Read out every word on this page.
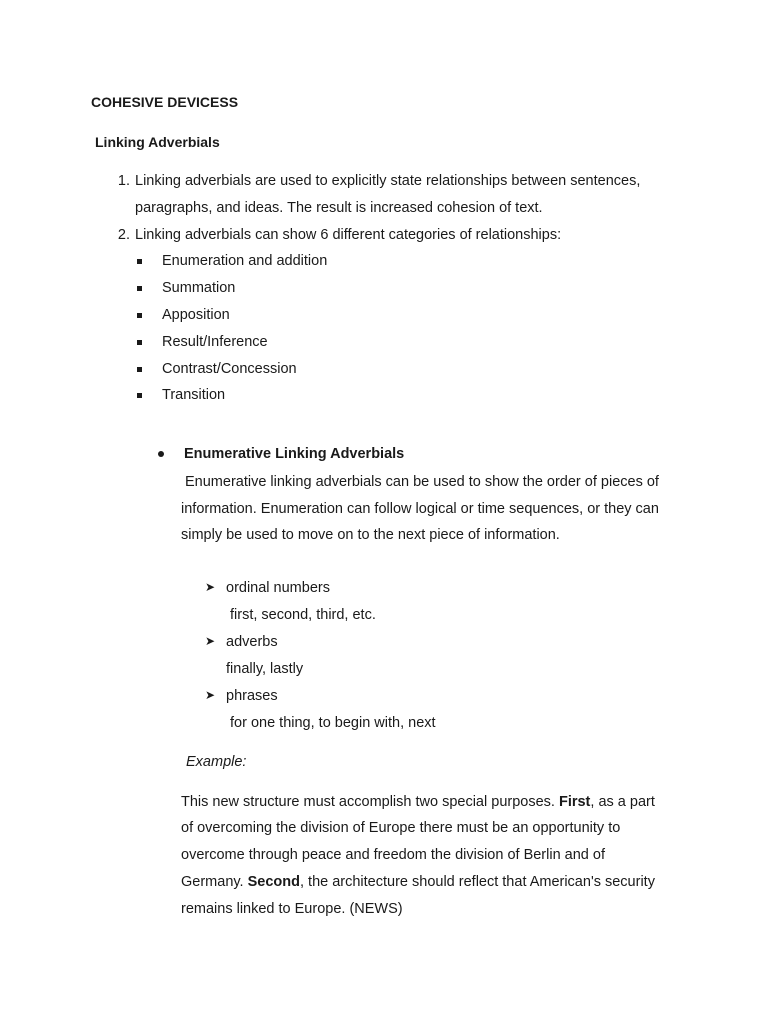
COHESIVE DEVICESS
Linking Adverbials
1. Linking adverbials are used to explicitly state relationships between sentences,
paragraphs, and ideas. The result is increased cohesion of text.
2. Linking adverbials can show 6 different categories of relationships:
Enumeration and addition
Summation
Apposition
Result/Inference
Contrast/Concession
Transition
Enumerative Linking Adverbials
Enumerative linking adverbials can be used to show the order of pieces of
information. Enumeration can follow logical or time sequences, or they can
simply be used to move on to the next piece of information.
➤ ordinal numbers
first, second, third, etc.
➤ adverbs
finally, lastly
➤ phrases
for one thing, to begin with, next
Example:
This new structure must accomplish two special purposes. First, as a part
of overcoming the division of Europe there must be an opportunity to
overcome through peace and freedom the division of Berlin and of
Germany. Second, the architecture should reflect that American's security
remains linked to Europe. (NEWS)
